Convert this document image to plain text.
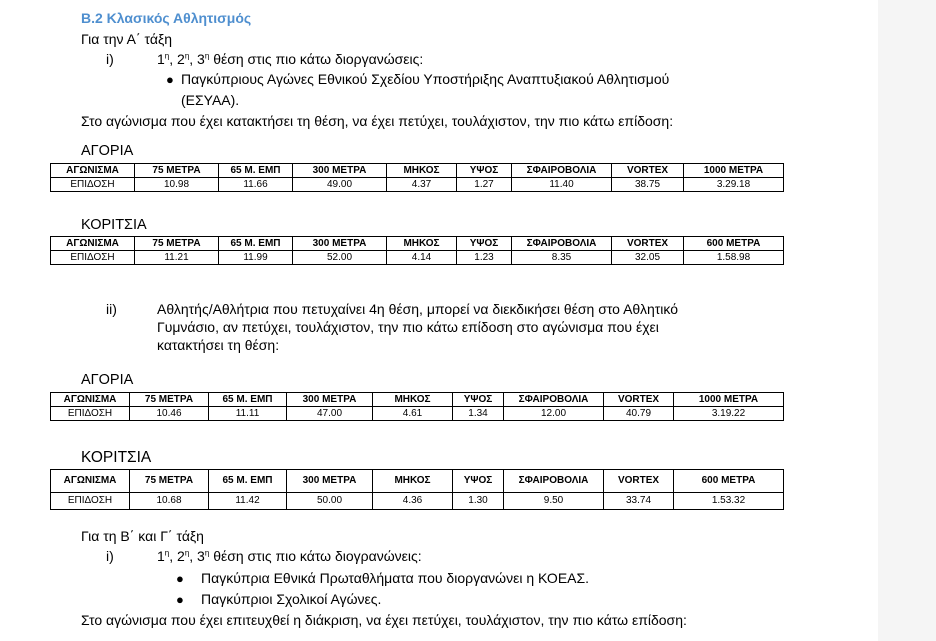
Β.2 Κλασικός Αθλητισμός
Για την Α΄ τάξη
i)	$1^\eta$, $2^\eta$, $3^\eta$ θέση στις πιο κάτω διοργανώσεις:
● Παγκύπριους Αγώνες Εθνικού Σχεδίου Υποστήριξης Αναπτυξιακού Αθλητισμού
(ΕΣΥΑΑ).
Στο αγώνισμα που έχει κατακτήσει τη θέση, να έχει πετύχει, τουλάχιστον, την πιο κάτω επίδοση:
ΑΓΟΡΙΑ
ΑΓΩΝΙΣΜΑ	75 ΜΕΤΡΑ	65 Μ. ΕΜΠ	300 ΜΕΤΡΑ	ΜΗΚΟΣ	ΥΨΟΣ	ΣΦΑΙΡΟΒΟΛΙΑ	VORTEX	1000 ΜΕΤΡΑ
ΕΠΙΔΟΣΗ	10.98	11.66	49.00	4.37	1.27	11.40	38.75	3.29.18
ΚΟΡΙΤΣΙΑ
ΑΓΩΝΙΣΜΑ	75 ΜΕΤΡΑ	65 Μ. ΕΜΠ	300 ΜΕΤΡΑ	ΜΗΚΟΣ	ΥΨΟΣ	ΣΦΑΙΡΟΒΟΛΙΑ	VORTEX	600 ΜΕΤΡΑ
ΕΠΙΔΟΣΗ	11.21	11.99	52.00	4.14	1.23	8.35	32.05	1.58.98
ii)	Αθλητής/Αθλήτρια που πετυχαίνει 4η θέση, μπορεί να διεκδικήσει θέση στο Αθλητικό
Γυμνάσιο, αν πετύχει, τουλάχιστον, την πιο κάτω επίδοση στο αγώνισμα που έχει
κατακτήσει τη θέση:
ΑΓΟΡΙΑ
ΑΓΩΝΙΣΜΑ	75 ΜΕΤΡΑ	65 Μ. ΕΜΠ	300 ΜΕΤΡΑ	ΜΗΚΟΣ	ΥΨΟΣ	ΣΦΑΙΡΟΒΟΛΙΑ	VORTEX	1000 ΜΕΤΡΑ
ΕΠΙΔΟΣΗ	10.46	11.11	47.00	4.61	1.34	12.00	40.79	3.19.22
ΚΟΡΙΤΣΙΑ
ΑΓΩΝΙΣΜΑ	75 ΜΕΤΡΑ	65 Μ. ΕΜΠ	300 ΜΕΤΡΑ	ΜΗΚΟΣ	ΥΨΟΣ	ΣΦΑΙΡΟΒΟΛΙΑ	VORTEX	600 ΜΕΤΡΑ
ΕΠΙΔΟΣΗ	10.68	11.42	50.00	4.36	1.30	9.50	33.74	1.53.32
Για τη Β΄ και Γ΄ τάξη
i)	$1^\eta$, $2^\eta$, $3^\eta$ θέση στις πιο κάτω διογρανώνεις:
● Παγκύπρια Εθνικά Πρωταθλήματα που διοργανώνει η ΚΟΕΑΣ.
● Παγκύπριοι Σχολικοί Αγώνες.
Στο αγώνισμα που έχει επιτευχθεί η διάκριση, να έχει πετύχει, τουλάχιστον, την πιο κάτω επίδοση:
